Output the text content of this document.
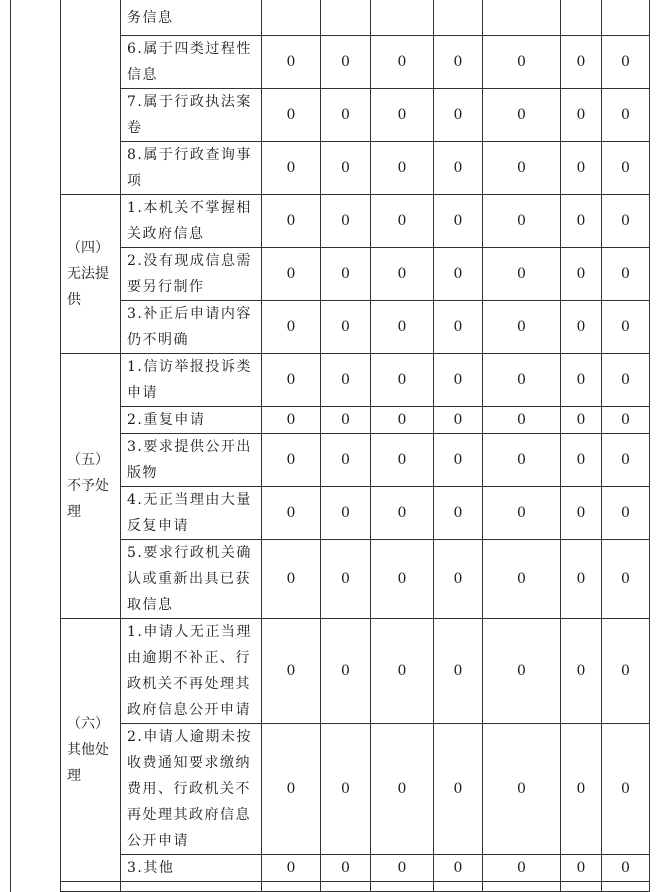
		务信息							
		6.属于四类过程性信息	0	0	0	0	0	0	0
		7.属于行政执法案卷	0	0	0	0	0	0	0
		8.属于行政查询事项	0	0	0	0	0	0	0
	（四）无法提供	1.本机关不掌握相关政府信息	0	0	0	0	0	0	0
		2.没有现成信息需要另行制作	0	0	0	0	0	0	0
		3.补正后申请内容仍不明确	0	0	0	0	0	0	0
	（五）不予处理	1.信访举报投诉类申请	0	0	0	0	0	0	0
		2.重复申请	0	0	0	0	0	0	0
		3.要求提供公开出版物	0	0	0	0	0	0	0
		4.无正当理由大量反复申请	0	0	0	0	0	0	0
		5.要求行政机关确认或重新出具已获取信息	0	0	0	0	0	0	0
	（六）其他处理	1.申请人无正当理由逾期不补正、行政机关不再处理其政府信息公开申请	0	0	0	0	0	0	0
		2.申请人逾期未按收费通知要求缴纳费用、行政机关不再处理其政府信息公开申请	0	0	0	0	0	0	0
		3.其他	0	0	0	0	0	0	0
